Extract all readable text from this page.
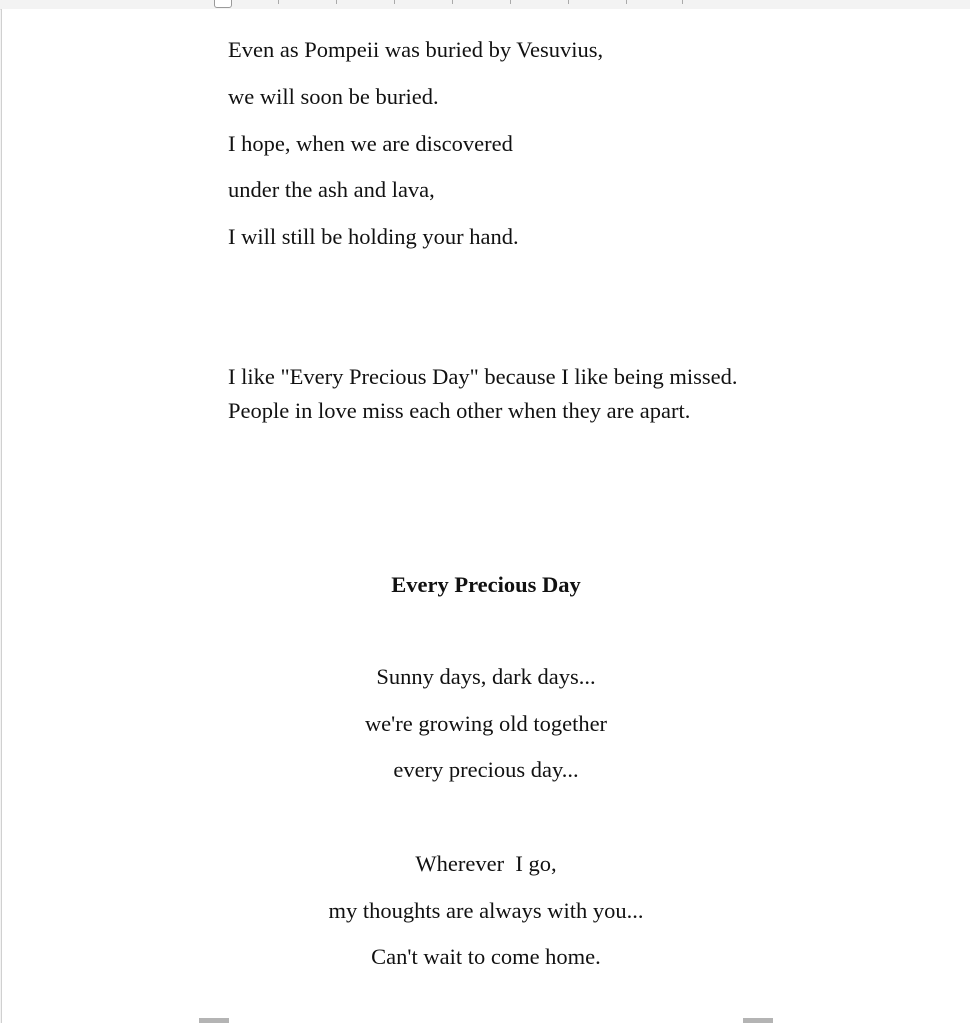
Even as Pompeii was buried by Vesuvius,
we will soon be buried.
I hope, when we are discovered
under the ash and lava,
I will still be holding your hand.
I like "Every Precious Day" because I like being missed. People in love miss each other when they are apart.
Every Precious Day
Sunny days, dark days...
we're growing old together
every precious day...
Wherever  I go,
my thoughts are always with you...
Can't wait to come home.
